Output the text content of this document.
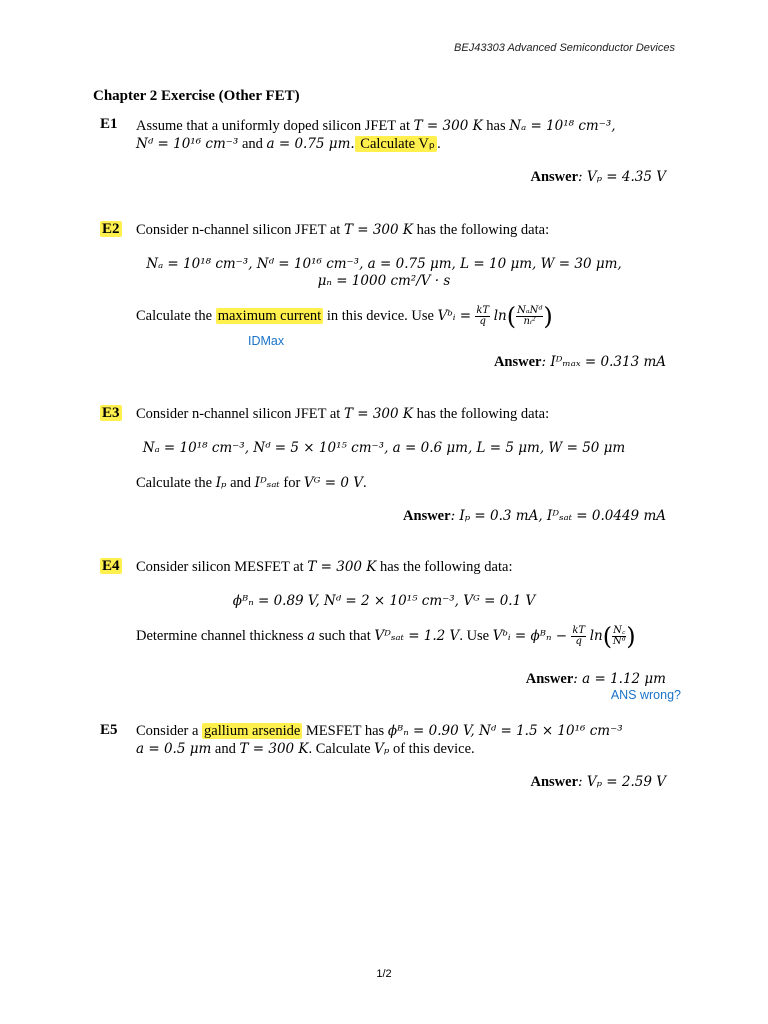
BEJ43303 Advanced Semiconductor Devices
Chapter 2 Exercise (Other FET)
E1 Assume that a uniformly doped silicon JFET at T = 300 K has Nₐ = 10¹⁸ cm⁻³,
Nᵈ = 10¹⁶ cm⁻³ and a = 0.75 μm. Calculate Vₚ .
Answer: Vₚ = 4.35 V
E2 Consider n-channel silicon JFET at T = 300 K has the following data:
Nₐ = 10¹⁸ cm⁻³, Nᵈ = 10¹⁶ cm⁻³, a = 0.75 μm, L = 10 μm, W = 30 μm,
μₙ = 1000 cm²/V · s
Calculate the maximum current in this device. Use Vᵇᵢ = $\frac{kT}{q} \ln( \frac{\text{NₐNᵈ}}{\text{nᵢ²}}$ )
IDMax
Answer: Iᴰₘₐₓ = 0.313 mA
E3 Consider n-channel silicon JFET at T = 300 K has the following data:
Nₐ = 10¹⁸ cm⁻³, Nᵈ = 5 × 10¹⁵ cm⁻³, a = 0.6 μm, L = 5 μm, W = 50 μm
Calculate the Iₚ and Iᴰₛₐₜ for Vᴳ = 0 V.
Answer: Iₚ = 0.3 mA, Iᴰₛₐₜ = 0.0449 mA
E4 Consider silicon MESFET at T = 300 K has the following data:
ϕᴮₙ = 0.89 V, Nᵈ = 2 × 10¹⁵ cm⁻³, Vᴳ = 0.1 V
Determine channel thickness a such that Vᴰₛₐₜ = 1.2 V. Use Vᵇᵢ = ϕᴮₙ − $\frac{kT}{q} \ln( \frac{N꜀}{\text{Nᵈ}}$ )
Answer: a = 1.12 μm
ANS wrong?
E5 Consider a gallium arsenide MESFET has ϕᴮₙ = 0.90 V, Nᵈ = 1.5 × 10¹⁶ cm⁻³
a = 0.5 μm and T = 300 K. Calculate Vₚ of this device.
Answer: Vₚ = 2.59 V
1/2
